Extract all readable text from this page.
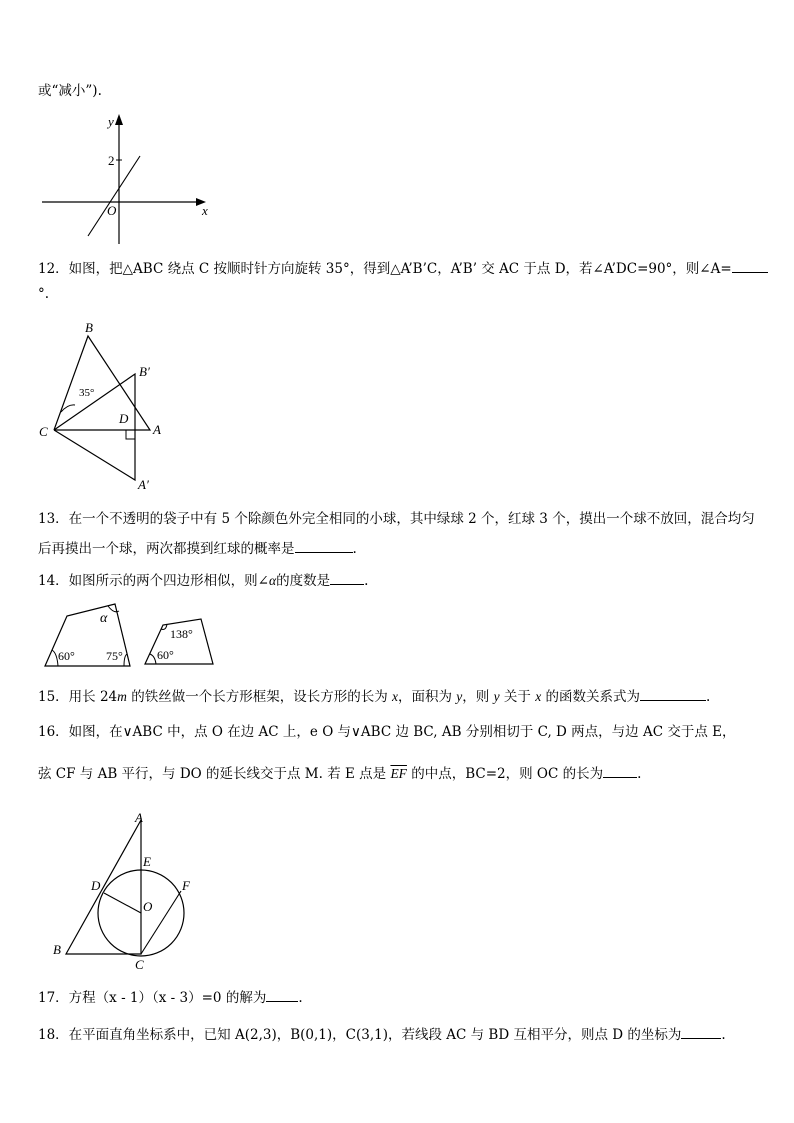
或“减小”).
y
x
2
O
12．如图，把△ABC 绕点 C 按顺时针方向旋转 35°，得到△A’B’C，A’B’ 交 AC 于点 D，若∠A’DC=90°，则∠A=
°.
B
B′
35°
D
C	A
A′
13．在一个不透明的袋子中有 5 个除颜色外完全相同的小球，其中绿球 2 个，红球 3 个，摸出一个球不放回，混合均匀
后再摸出一个球，两次都摸到红球的概率是	.
14．如图所示的两个四边形相似，则∠α的度数是	.
α
60°	75°
138°
60°
15．用长 24m 的铁丝做一个长方形框架，设长方形的长为 x，面积为 y，则 y 关于 x 的函数关系式为	.
16．如图，在∨ABC 中，点 O 在边 AC 上，e O 与∨ABC 边 BC, AB 分别相切于 C, D 两点，与边 AC 交于点 E，
弦 CF 与 AB 平行，与 DO 的延长线交于点 M. 若 E 点是 $\overline{EF}$ 的中点，BC=2，则 OC 的长为	.
A
E
D	F
O
B
C
17．方程（x - 1）（x - 3）=0 的解为 .
18．在平面直角坐标系中，已知 A(2,3)，B(0,1)，C(3,1)，若线段 AC 与 BD 互相平分，则点 D 的坐标为	.
